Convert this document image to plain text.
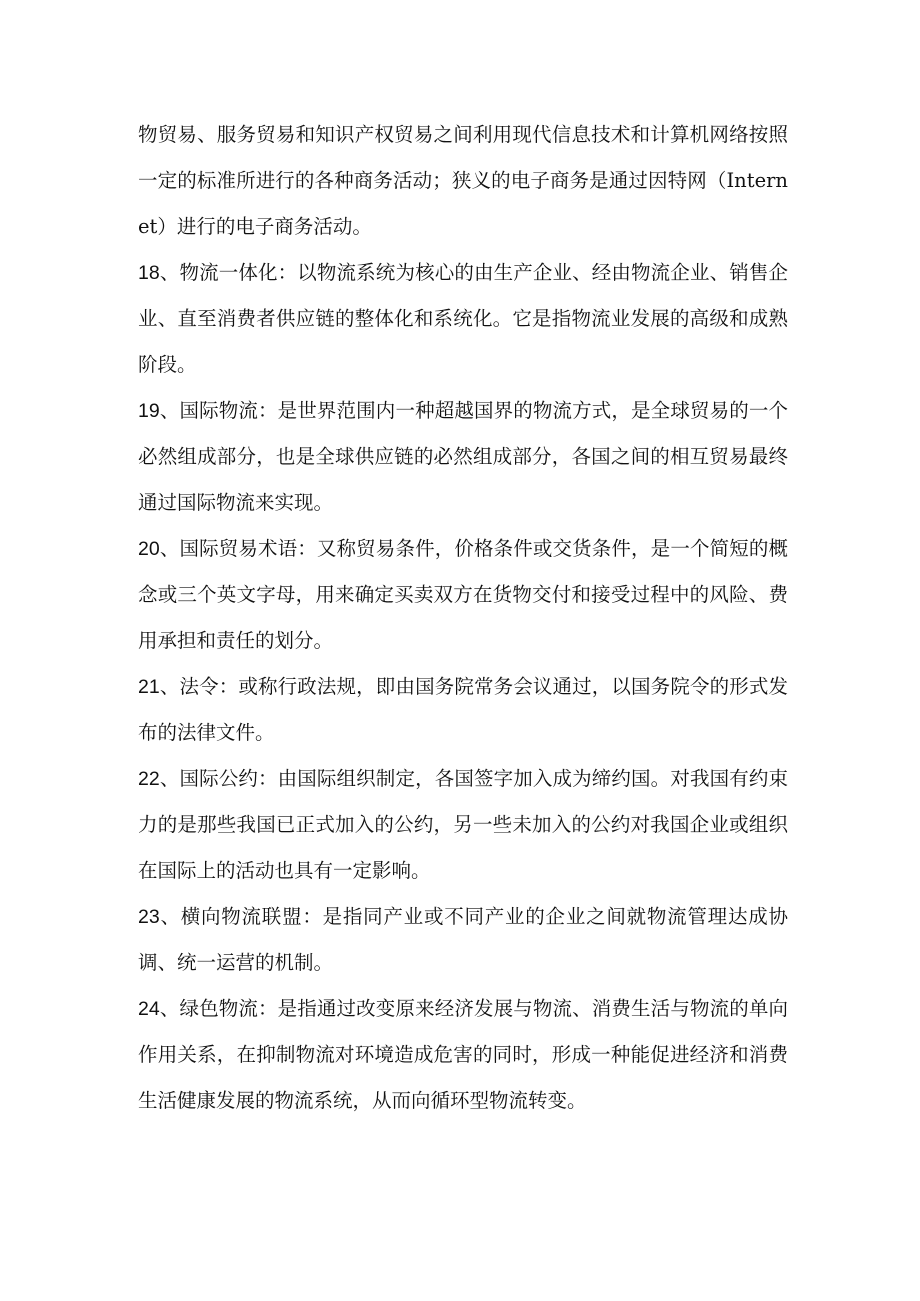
物贸易、服务贸易和知识产权贸易之间利用现代信息技术和计算机网络按照一定的标准所进行的各种商务活动；狭义的电子商务是通过因特网（Internet）进行的电子商务活动。

18、物流一体化：以物流系统为核心的由生产企业、经由物流企业、销售企业、直至消费者供应链的整体化和系统化。它是指物流业发展的高级和成熟阶段。

19、国际物流：是世界范围内一种超越国界的物流方式，是全球贸易的一个必然组成部分，也是全球供应链的必然组成部分，各国之间的相互贸易最终通过国际物流来实现。

20、国际贸易术语：又称贸易条件，价格条件或交货条件，是一个简短的概念或三个英文字母，用来确定买卖双方在货物交付和接受过程中的风险、费用承担和责任的划分。

21、法令：或称行政法规，即由国务院常务会议通过，以国务院令的形式发布的法律文件。

22、国际公约：由国际组织制定，各国签字加入成为缔约国。对我国有约束力的是那些我国已正式加入的公约，另一些未加入的公约对我国企业或组织在国际上的活动也具有一定影响。

23、横向物流联盟：是指同产业或不同产业的企业之间就物流管理达成协调、统一运营的机制。

24、绿色物流：是指通过改变原来经济发展与物流、消费生活与物流的单向作用关系，在抑制物流对环境造成危害的同时，形成一种能促进经济和消费生活健康发展的物流系统，从而向循环型物流转变。
